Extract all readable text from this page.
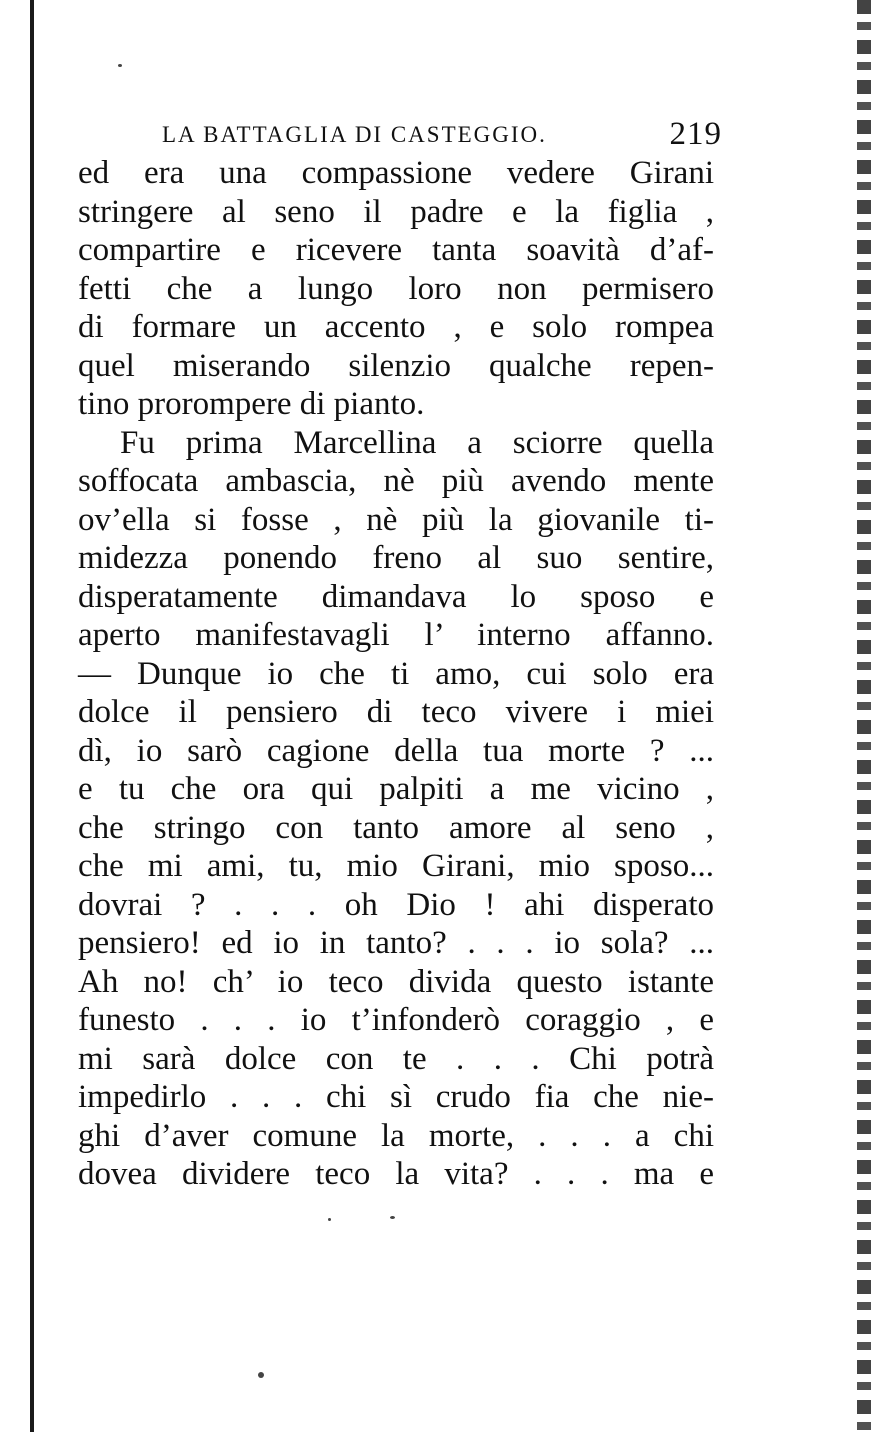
LA BATTAGLIA DI CASTEGGIO.	219
ed era una compassione vedere Girani
stringere al seno il padre e la figlia ,
compartire e ricevere tanta soavità d’af-
fetti che a lungo loro non permisero
di formare un accento , e solo rompea
quel miserando silenzio qualche repen-
tino prorompere di pianto.
Fu prima Marcellina a sciorre quella
soffocata ambascia, nè più avendo mente
ov’ella si fosse , nè più la giovanile ti-
midezza ponendo freno al suo sentire,
disperatamente dimandava lo sposo e
aperto manifestavagli l’ interno affanno.
— Dunque io che ti amo, cui solo era
dolce il pensiero di teco vivere i miei
dì, io sarò cagione della tua morte ? ...
e tu che ora qui palpiti a me vicino ,
che stringo con tanto amore al seno ,
che mi ami, tu, mio Girani, mio sposo...
dovrai ? . . . oh Dio ! ahi disperato
pensiero! ed io in tanto? . . . io sola? ...
Ah no! ch’ io teco divida questo istante
funesto . . . io t’infonderò coraggio , e
mi sarà dolce con te . . . Chi potrà
impedirlo . . . chi sì crudo fia che nie-
ghi d’aver comune la morte, . . . a chi
dovea dividere teco la vita? . . . ma e
